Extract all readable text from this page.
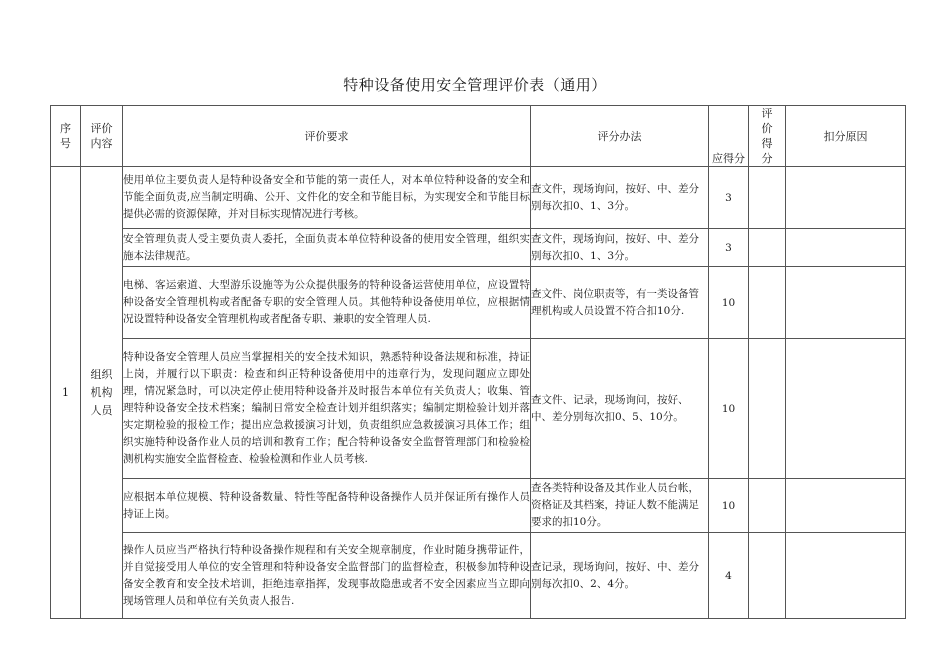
特种设备使用安全管理评价表（通用）
序号	评价内容	评价要求	评分办法	应得分	评价得分	扣分原因
1	组织机构人员	使用单位主要负责人是特种设备安全和节能的第一责任人，对本单位特种设备的安全和节能全面负责,应当制定明确、公开、文件化的安全和节能目标，为实现安全和节能目标提供必需的资源保障，并对目标实现情况进行考核。	查文件，现场询问，按好、中、差分别每次扣0、1、3分。	3		
		安全管理负责人受主要负责人委托，全面负责本单位特种设备的使用安全管理，组织实施本法律规范。	查文件，现场询问，按好、中、差分别每次扣0、1、3分。	3		
		电梯、客运索道、大型游乐设施等为公众提供服务的特种设备运营使用单位，应设置特种设备安全管理机构或者配备专职的安全管理人员。其他特种设备使用单位，应根据情况设置特种设备安全管理机构或者配备专职、兼职的安全管理人员.	查文件、岗位职责等，有一类设备管理机构或人员设置不符合扣10分.	10		
		特种设备安全管理人员应当掌握相关的安全技术知识，熟悉特种设备法规和标准，持证上岗，并履行以下职责：检查和纠正特种设备使用中的违章行为，发现问题应立即处理，情况紧急时，可以决定停止使用特种设备并及时报告本单位有关负责人；收集、管理特种设备安全技术档案；编制日常安全检查计划并组织落实；编制定期检验计划并落实定期检验的报检工作；提出应急救援演习计划，负责组织应急救援演习具体工作；组织实施特种设备作业人员的培训和教育工作；配合特种设备安全监督管理部门和检验检测机构实施安全监督检查、检验检测和作业人员考核.	查文件、记录，现场询问，按好、中、差分别每次扣0、5、10分。	10		
		应根据本单位规模、特种设备数量、特性等配备特种设备操作人员并保证所有操作人员持证上岗。	查各类特种设备及其作业人员台帐，资格证及其档案，持证人数不能满足要求的扣10分。	10		
		操作人员应当严格执行特种设备操作规程和有关安全规章制度，作业时随身携带证件，并自觉接受用人单位的安全管理和特种设备安全监督部门的监督检查，积极参加特种设备安全教育和安全技术培训，拒绝违章指挥，发现事故隐患或者不安全因素应当立即向现场管理人员和单位有关负责人报告.	查记录，现场询问，按好、中、差分别每次扣0、2、4分。	4		
